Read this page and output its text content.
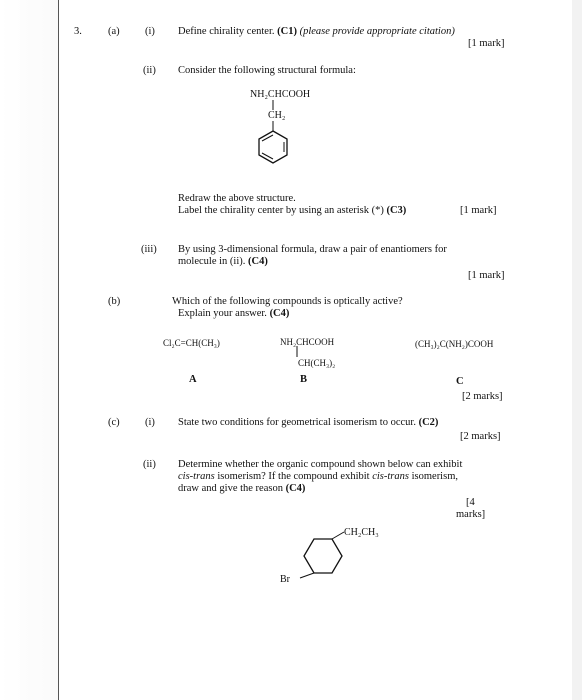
3. (a) (i) Define chirality center. (C1) (please provide appropriate citation)
[1 mark]
(ii) Consider the following structural formula:
NH₂CHCOOH
CH₂
Redraw the above structure.
Label the chirality center by using an asterisk (*) (C3)	[1 mark]
(iii) By using 3-dimensional formula, draw a pair of enantiomers for
molecule in (ii). (C4)
[1 mark]
(b)	Which of the following compounds is optically active?
Explain your answer. (C4)
Cl₂C=CH(CH₃)	NH₂CHCOOH
CH(CH₃)₂
(CH₃)₂C(NH₂)COOH
A	B	C
[2 marks]
(c) (i) State two conditions for geometrical isomerism to occur. (C2)
[2 marks]
(ii) Determine whether the organic compound shown below can exhibit
cis-trans isomerism? If the compound exhibit cis-trans isomerism,
draw and give the reason (C4)
[4
marks]
CH₂CH₃
Br
